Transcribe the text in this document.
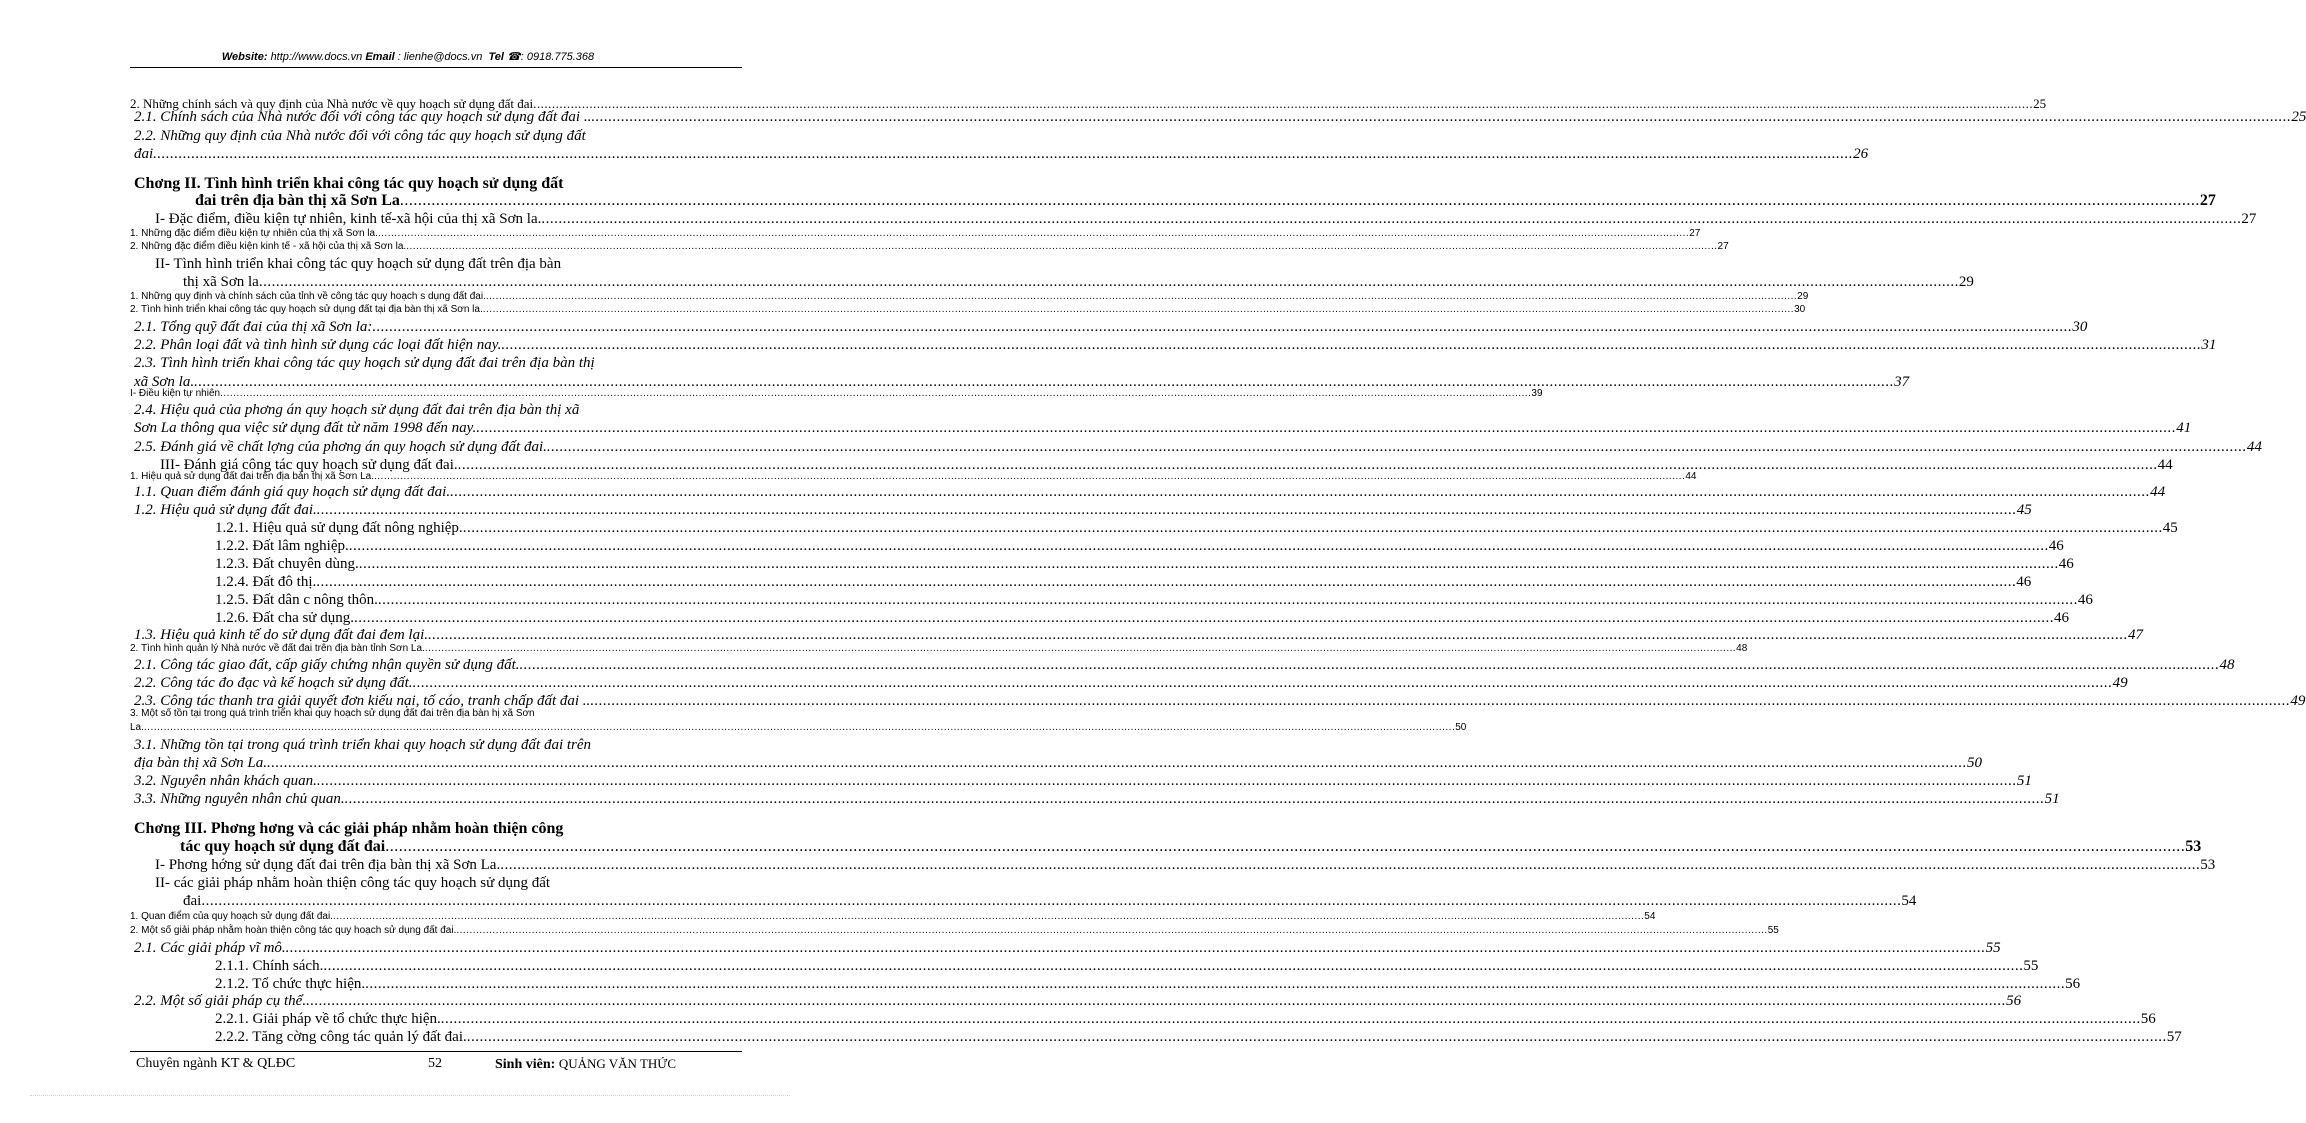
Website: http://www.docs.vn Email : lienhe@docs.vn Tel ☎: 0918.775.368
2. Những chính sách và quy định của Nhà nước về quy hoạch sử dụng đất đai ................................................................................................................................................................................................................................................................................................................................................................................................................ 25
2.1. Chính sách của Nhà nước đối với công tác quy hoạch sử dụng đất đai .. ................................................................................................................................................................................................................................................................................................................................................................................................................ 25
2.2. Những quy định của Nhà nước đối với công tác quy hoạch sử dụng đất
đai ................................................................................................................................................................................................................................................................................................................................................................................................................ 26
Chơng II. Tình hình triển khai công tác quy hoạch sử dụng đất
đai trên địa bàn thị xã Sơn La ................................................................................................................................................................................................................................................................................................................................................................................................................ 27
I- Đặc điểm, điều kiện tự nhiên, kinh tế-xã hội của thị xã Sơn la. ................................................................................................................................................................................................................................................................................................................................................................................................................ 27
1. Những đặc điểm điều kiện tự nhiên của thị xã Sơn la. ................................................................................................................................................................................................................................................................................................................................................................................................................ 27
2. Những đặc điểm điều kiện kinh tế - xã hội của thị xã Sơn la. ................................................................................................................................................................................................................................................................................................................................................................................................................ 27
II- Tình hình triển khai công tác quy hoạch sử dụng đất trên địa bàn
thị xã Sơn la ................................................................................................................................................................................................................................................................................................................................................................................................................ 29
1. Những quy định và chính sách của tỉnh về công tác quy hoạch s dụng đất đai. ................................................................................................................................................................................................................................................................................................................................................................................................................ 29
2. Tình hình triển khai công tác quy hoạch sử dụng đất tại địa bàn thị xã Sơn la. ................................................................................................................................................................................................................................................................................................................................................................................................................ 30
2.1. Tổng quỹ đất đai của thị xã Sơn la: ................................................................................................................................................................................................................................................................................................................................................................................................................ 30
2.2. Phân loại đất và tình hình sử dụng các loại đất hiện nay. ................................................................................................................................................................................................................................................................................................................................................................................................................ 31
2.3. Tình hình triển khai công tác quy hoạch sử dụng đất đai trên địa bàn thị
xã Sơn la. ................................................................................................................................................................................................................................................................................................................................................................................................................ 37
I- Điều kiện tự nhiên ................................................................................................................................................................................................................................................................................................................................................................................................................ 39
2.4. Hiệu quả của phơng án quy hoạch sử dụng đất đai trên địa bàn thị xã
Sơn La thông qua việc sử dụng đất từ năm 1998 đến nay. ................................................................................................................................................................................................................................................................................................................................................................................................................ 41
2.5. Đánh giá về chất lợng của phơng án quy hoạch sử dụng đất đai. ................................................................................................................................................................................................................................................................................................................................................................................................................ 44
III- Đánh giá công tác quy hoạch sử dụng đất đai. ................................................................................................................................................................................................................................................................................................................................................................................................................ 44
1. Hiệu quả sử dụng đất đai trên địa bàn thị xã Sơn La. ................................................................................................................................................................................................................................................................................................................................................................................................................ 44
1.1. Quan điểm đánh giá quy hoạch sử dụng đất đai. ................................................................................................................................................................................................................................................................................................................................................................................................................ 44
1.2. Hiệu quả sử dụng đất đai. ................................................................................................................................................................................................................................................................................................................................................................................................................ 45
1.2.1. Hiệu quả sử dụng đất nông nghiệp. ................................................................................................................................................................................................................................................................................................................................................................................................................ 45
1.2.2. Đất lâm nghiệp. ................................................................................................................................................................................................................................................................................................................................................................................................................ 46
1.2.3. Đất chuyên dùng. ................................................................................................................................................................................................................................................................................................................................................................................................................ 46
1.2.4. Đất đô thị. ................................................................................................................................................................................................................................................................................................................................................................................................................ 46
1.2.5. Đất dân c nông thôn. ................................................................................................................................................................................................................................................................................................................................................................................................................ 46
1.2.6. Đất cha sử dụng. ................................................................................................................................................................................................................................................................................................................................................................................................................ 46
1.3. Hiệu quả kinh tế do sử dụng đất đai đem lại. ................................................................................................................................................................................................................................................................................................................................................................................................................ 47
2. Tình hình quản lý Nhà nước về đất đai trên địa bàn tỉnh Sơn La. ................................................................................................................................................................................................................................................................................................................................................................................................................ 48
2.1. Công tác giao đất, cấp giấy chứng nhận quyền sử dụng đất. ................................................................................................................................................................................................................................................................................................................................................................................................................ 48
2.2. Công tác đo đạc và kế hoạch sử dụng đất. ................................................................................................................................................................................................................................................................................................................................................................................................................ 49
2.3. Công tác thanh tra giải quyết đơn kiếu nại, tố cáo, tranh chấp đất đai .. ................................................................................................................................................................................................................................................................................................................................................................................................................ 49
3. Một số tồn tại trong quá trình triển khai quy hoạch sử dụng đất đai trên địa bàn hị xã Sơn
La. ................................................................................................................................................................................................................................................................................................................................................................................................................ 50
3.1. Những tồn tại trong quá trình triển khai quy hoạch sử dụng đất đai trên
địa bàn thị xã Sơn La. ................................................................................................................................................................................................................................................................................................................................................................................................................ 50
3.2. Nguyên nhân khách quan. ................................................................................................................................................................................................................................................................................................................................................................................................................ 51
3.3. Những nguyên nhân chủ quan. ................................................................................................................................................................................................................................................................................................................................................................................................................ 51
Chơng III. Phơng hơng và các giải pháp nhằm hoàn thiện công
tác quy hoạch sử dụng đất đai ................................................................................................................................................................................................................................................................................................................................................................................................................ 53
I- Phơng hớng sử dụng đất đai trên địa bàn thị xã Sơn La. ................................................................................................................................................................................................................................................................................................................................................................................................................ 53
II- các giải pháp nhằm hoàn thiện công tác quy hoạch sử dụng đất
đai ................................................................................................................................................................................................................................................................................................................................................................................................................ 54
1. Quan điểm của quy hoạch sử dụng đất đai. ................................................................................................................................................................................................................................................................................................................................................................................................................ 54
2. Một số giải pháp nhằm hoàn thiện công tác quy hoạch sử dụng đất đai. ................................................................................................................................................................................................................................................................................................................................................................................................................ 55
2.1. Các giải pháp vĩ mô. ................................................................................................................................................................................................................................................................................................................................................................................................................ 55
2.1.1. Chính sách. ................................................................................................................................................................................................................................................................................................................................................................................................................ 55
2.1.2. Tổ chức thực hiện. ................................................................................................................................................................................................................................................................................................................................................................................................................ 56
2.2. Một số giải pháp cụ thể. ................................................................................................................................................................................................................................................................................................................................................................................................................ 56
2.2.1. Giải pháp về tổ chức thực hiện. ................................................................................................................................................................................................................................................................................................................................................................................................................ 56
2.2.2. Tăng cờng công tác quản lý đất đai. ................................................................................................................................................................................................................................................................................................................................................................................................................ 57
Chuyên ngành KT & QLĐC	52	Sinh viên: QUẢNG VĂN THỨC
